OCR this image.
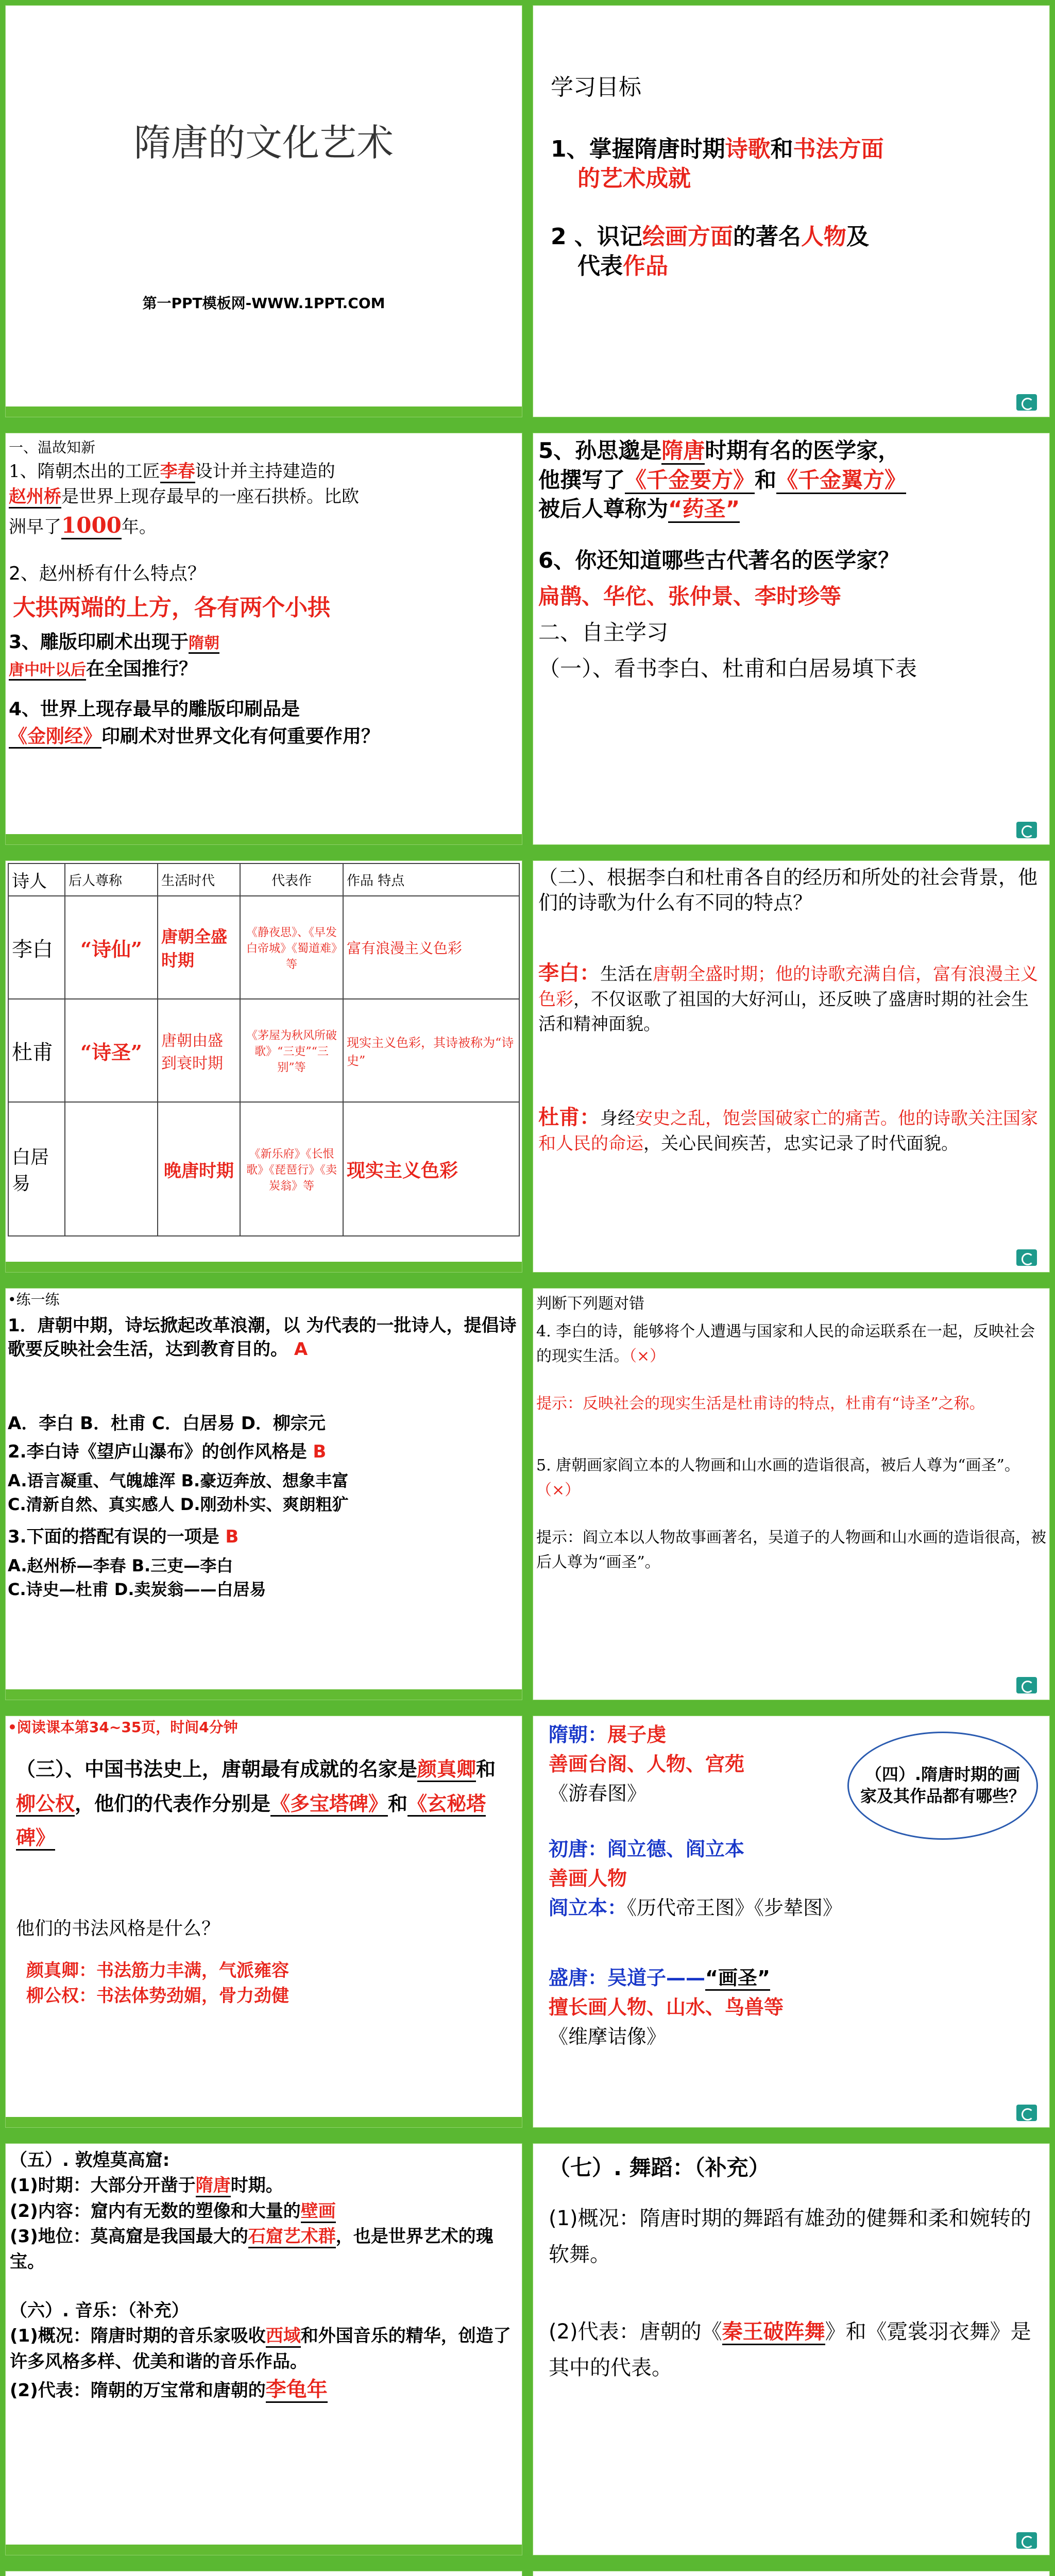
隋唐的文化艺术
第一PPT模板网-WWW.1PPT.COM
学习目标
1、掌握隋唐时期诗歌和书法方面
的艺术成就
2 、识记绘画方面的著名人物及
代表作品
一、温故知新
1、隋朝杰出的工匠李春设计并主持建造的
赵州桥是世界上现存最早的一座石拱桥。比欧
洲早了1000年。
2、赵州桥有什么特点？
大拱两端的上方，各有两个小拱
3、雕版印刷术出现于隋朝
唐中叶以后在全国推行？
4、世界上现存最早的雕版印刷品是
《金刚经》印刷术对世界文化有何重要作用？
5、孙思邈是隋唐时期有名的医学家，
他撰写了《千金要方》和《千金翼方》
被后人尊称为“药圣”
6、你还知道哪些古代著名的医学家？
扁鹊、华佗、张仲景、李时珍等
二、自主学习
（一）、看书李白、杜甫和白居易填下表
诗人	后人尊称	生活时代	代表作	作品 特点
李白	“诗仙”	唐朝全盛时期	《静夜思》、《早发白帝城》《蜀道难》等	富有浪漫主义色彩
杜甫	“诗圣”	唐朝由盛到衰时期	《茅屋为秋风所破歌》“三吏”“三别”等	现实主义色彩，其诗被称为“诗史”
白居易		晚唐时期	《新乐府》《长恨歌》《琵琶行》《卖炭翁》等	现实主义色彩
（二）、根据李白和杜甫各自的经历和所处的社会背景，他们的诗歌为什么有不同的特点？
李白：生活在唐朝全盛时期；他的诗歌充满自信，富有浪漫主义色彩，不仅讴歌了祖国的大好河山，还反映了盛唐时期的社会生活和精神面貌。
杜甫：身经安史之乱，饱尝国破家亡的痛苦。他的诗歌关注国家和人民的命运，关心民间疾苦，忠实记录了时代面貌。
•练一练
1．唐朝中期，诗坛掀起改革浪潮，以 为代表的一批诗人，提倡诗歌要反映社会生活，达到教育目的。 A
A．李白 B．杜甫 C．白居易 D．柳宗元
2.李白诗《望庐山瀑布》的创作风格是 B
A.语言凝重、气魄雄浑 B.豪迈奔放、想象丰富
C.清新自然、真实感人 D.刚劲朴实、爽朗粗犷
3.下面的搭配有误的一项是 B
A.赵州桥—李春 B.三吏—李白
C.诗史—杜甫 D.卖炭翁——白居易
判断下列题对错
4. 李白的诗，能够将个人遭遇与国家和人民的命运联系在一起，反映社会的现实生活。（×）
提示：反映社会的现实生活是杜甫诗的特点，杜甫有“诗圣”之称。
5. 唐朝画家阎立本的人物画和山水画的造诣很高，被后人尊为“画圣”。（×）
提示：阎立本以人物故事画著名，吴道子的人物画和山水画的造诣很高，被后人尊为“画圣”。
•阅读课本第34~35页，时间4分钟
（三）、中国书法史上，唐朝最有成就的名家是颜真卿和柳公权，他们的代表作分别是《多宝塔碑》和《玄秘塔碑》
他们的书法风格是什么？
颜真卿：书法筋力丰满，气派雍容
柳公权：书法体势劲媚，骨力劲健
隋朝：展子虔
善画台阁、人物、宫苑
《游春图》
（四）.隋唐时期的画家及其作品都有哪些？
初唐：阎立德、阎立本
善画人物
阎立本：《历代帝王图》《步辇图》
盛唐：吴道子——“画圣”
擅长画人物、山水、鸟兽等
《维摩诘像》
（五）. 敦煌莫高窟:
(1)时期：大部分开凿于隋唐时期。
(2)内容：窟内有无数的塑像和大量的壁画
(3)地位：莫高窟是我国最大的石窟艺术群，也是世界艺术的瑰宝。
（六）. 音乐：（补充）
(1)概况：隋唐时期的音乐家吸收西域和外国音乐的精华，创造了许多风格多样、优美和谐的音乐作品。
(2)代表：隋朝的万宝常和唐朝的李龟年
（七）. 舞蹈：（补充）
(1)概况：隋唐时期的舞蹈有雄劲的健舞和柔和婉转的软舞。
(2)代表：唐朝的《秦王破阵舞》和《霓裳羽衣舞》是其中的代表。
